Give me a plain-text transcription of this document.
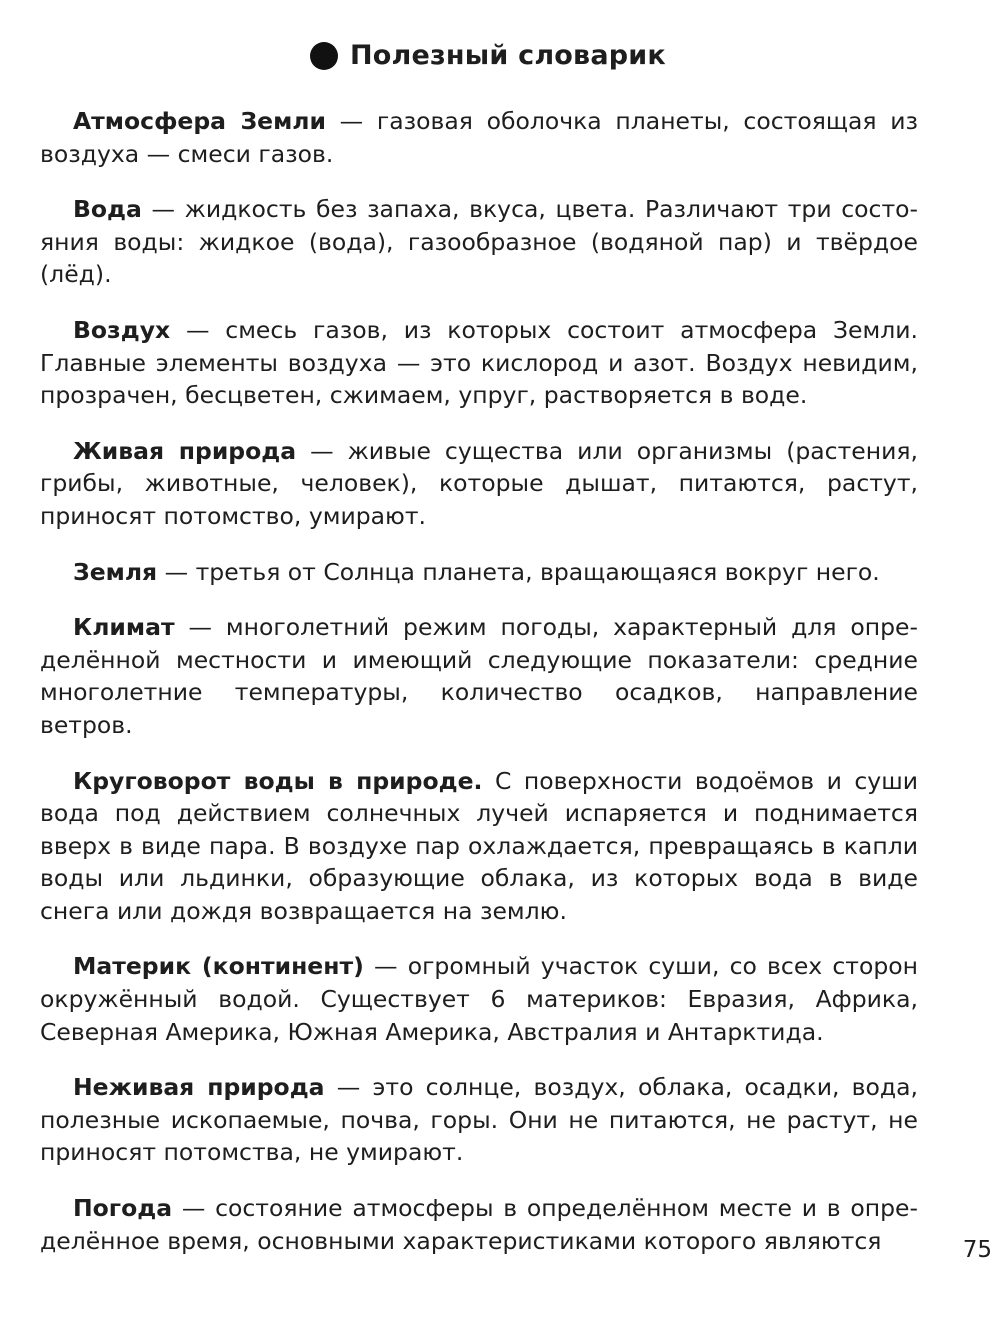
Полезный словарик

Атмосфера Земли — газовая оболочка планеты, состоящая из воздуха — смеси газов.

Вода — жидкость без запаха, вкуса, цвета. Различают три состояния воды: жидкое (вода), газообразное (водяной пар) и твёрдое (лёд).

Воздух — смесь газов, из которых состоит атмосфера Земли. Главные элементы воздуха — это кислород и азот. Воздух невидим, прозрачен, бесцветен, сжимаем, упруг, растворяется в воде.

Живая природа — живые существа или организмы (растения, грибы, животные, человек), которые дышат, питаются, растут, приносят потомство, умирают.

Земля — третья от Солнца планета, вращающаяся вокруг него.

Климат — многолетний режим погоды, характерный для определённой местности и имеющий следующие показатели: средние многолетние температуры, количество осадков, направление ветров.

Круговорот воды в природе. С поверхности водоёмов и суши вода под действием солнечных лучей испаряется и поднимается вверх в виде пара. В воздухе пар охлаждается, превращаясь в капли воды или льдинки, образующие облака, из которых вода в виде снега или дождя возвращается на землю.

Материк (континент) — огромный участок суши, со всех сторон окружённый водой. Существует 6 материков: Евразия, Африка, Северная Америка, Южная Америка, Австралия и Антарктида.

Неживая природа — это солнце, воздух, облака, осадки, вода, полезные ископаемые, почва, горы. Они не питаются, не растут, не приносят потомства, не умирают.

Погода — состояние атмосферы в определённом месте и в определённое время, основными характеристиками которого являются	75
